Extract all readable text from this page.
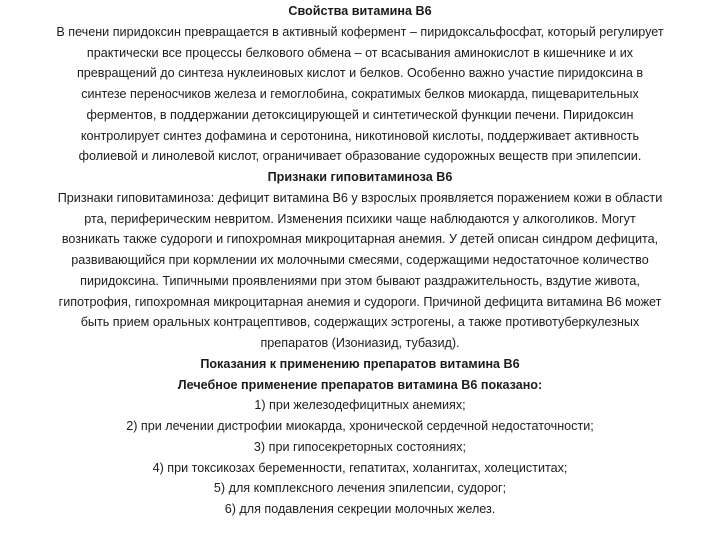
Свойства витамина В6
В печени пиридоксин превращается в активный кофермент – пиридоксальфосфат, который регулирует
практически все процессы белкового обмена – от всасывания аминокислот в кишечнике и их
превращений до синтеза нуклеиновых кислот и белков. Особенно важно участие пиридоксина в
синтезе переносчиков железа и гемоглобина, сократимых белков миокарда, пищеварительных
ферментов, в поддержании детоксицирующей и синтетической функции печени. Пиридоксин
контролирует синтез дофамина и серотонина, никотиновой кислоты, поддерживает активность
фолиевой и линолевой кислот, ограничивает образование судорожных веществ при эпилепсии.
Признаки гиповитаминоза В6
Признаки гиповитаминоза: дефицит витамина В6 у взрослых проявляется поражением кожи в области
рта, периферическим невритом. Изменения психики чаще наблюдаются у алкоголиков. Могут
возникать также судороги и гипохромная микроцитарная анемия. У детей описан синдром дефицита,
развивающийся при кормлении их молочными смесями, содержащими недостаточное количество
пиридоксина. Типичными проявлениями при этом бывают раздражительность, вздутие живота,
гипотрофия, гипохромная микроцитарная анемия и судороги. Причиной дефицита витамина В6 может
быть прием оральных контрацептивов, содержащих эстрогены, а также противотуберкулезных
препаратов (Изониазид, тубазид).
Показания к применению препаратов витамина В6
Лечебное применение препаратов витамина В6 показано:
1) при железодефицитных анемиях;
2) при лечении дистрофии миокарда, хронической сердечной недостаточности;
3) при гипосекреторных состояниях;
4) при токсикозах беременности, гепатитах, холангитах, холециститах;
5) для комплексного лечения эпилепсии, судорог;
6) для подавления секреции молочных желез.
